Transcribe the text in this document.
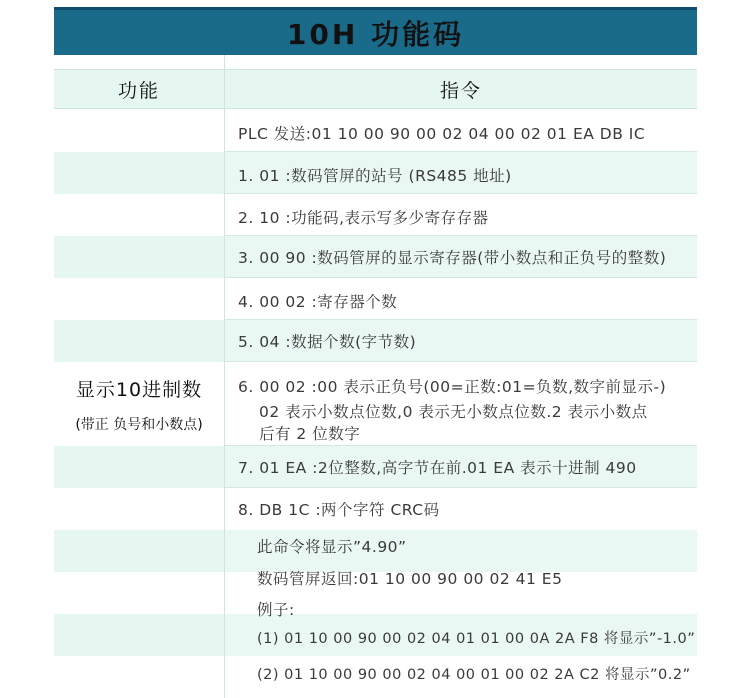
10H 功能码
功能	指令
PLC 发送:01 10 00 90 00 02 04 00 02 01 EA DB IC
1. 01 :数码管屏的站号 (RS485 地址)
2. 10 :功能码,表示写多少寄存存器
3. 00 90 :数码管屏的显示寄存器(带小数点和正负号的整数)
4. 00 02 :寄存器个数
5. 04 :数据个数(字节数)
6. 00 02 :00 表示正负号(00=正数:01=负数,数字前显示-)
02 表示小数点位数,0 表示无小数点位数.2 表示小数点
后有 2 位数字
7. 01 EA :2位整数,高字节在前.01 EA 表示十进制 490
8. DB 1C :两个字符 CRC码
显示10进制数
(带正 负号和小数点)
此命令将显示”4.90”
数码管屏返回:01 10 00 90 00 02 41 E5
例子:
(1) 01 10 00 90 00 02 04 01 01 00 0A 2A F8 将显示”-1.0”
(2) 01 10 00 90 00 02 04 00 01 00 02 2A C2 将显示”0.2”
